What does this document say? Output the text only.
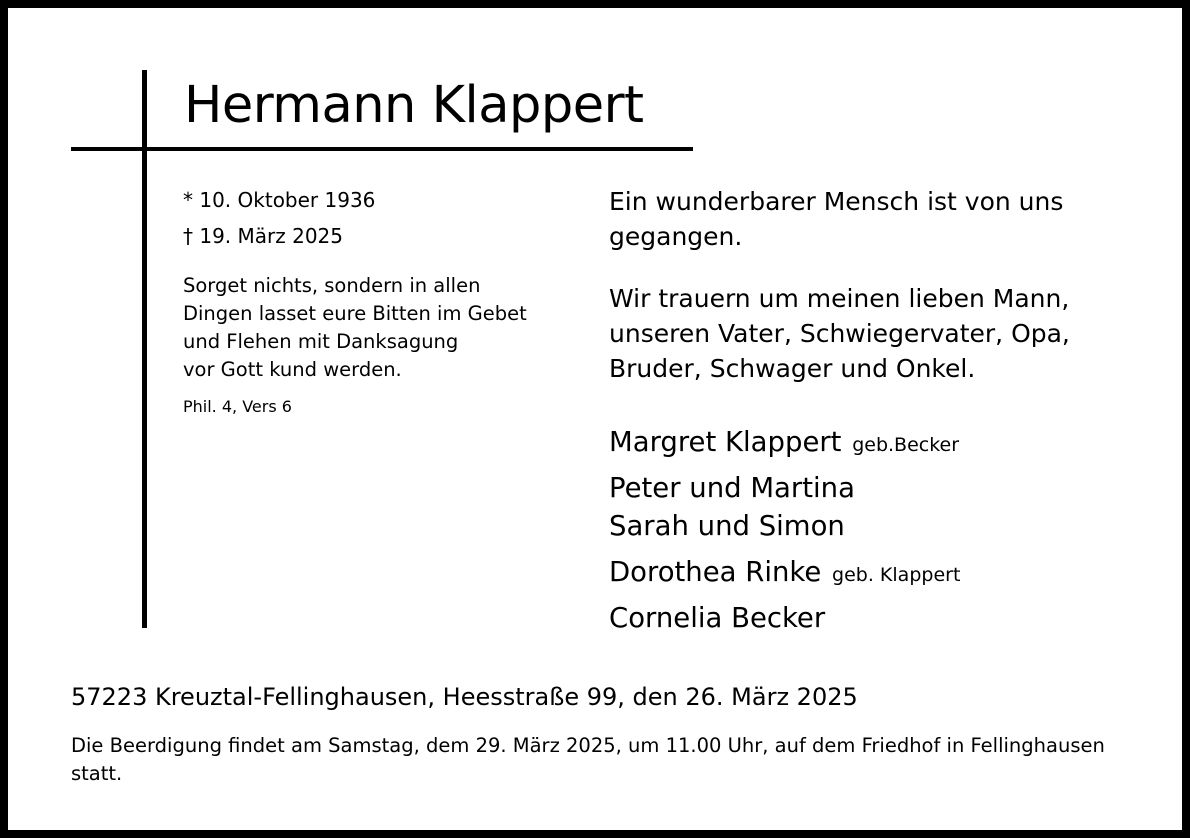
Hermann Klappert
* 10. Oktober 1936
† 19. März 2025
Sorget nichts, sondern in allen
Dingen lasset eure Bitten im Gebet
und Flehen mit Danksagung
vor Gott kund werden.
Phil. 4, Vers 6
Ein wunderbarer Mensch ist von uns
gegangen.
Wir trauern um meinen lieben Mann,
unseren Vater, Schwiegervater, Opa,
Bruder, Schwager und Onkel.
Margret Klappert geb.Becker
Peter und Martina
Sarah und Simon
Dorothea Rinke geb. Klappert
Cornelia Becker
57223 Kreuztal-Fellinghausen, Heesstraße 99, den 26. März 2025
Die Beerdigung findet am Samstag, dem 29. März 2025, um 11.00 Uhr, auf dem Friedhof in Fellinghausen statt.
